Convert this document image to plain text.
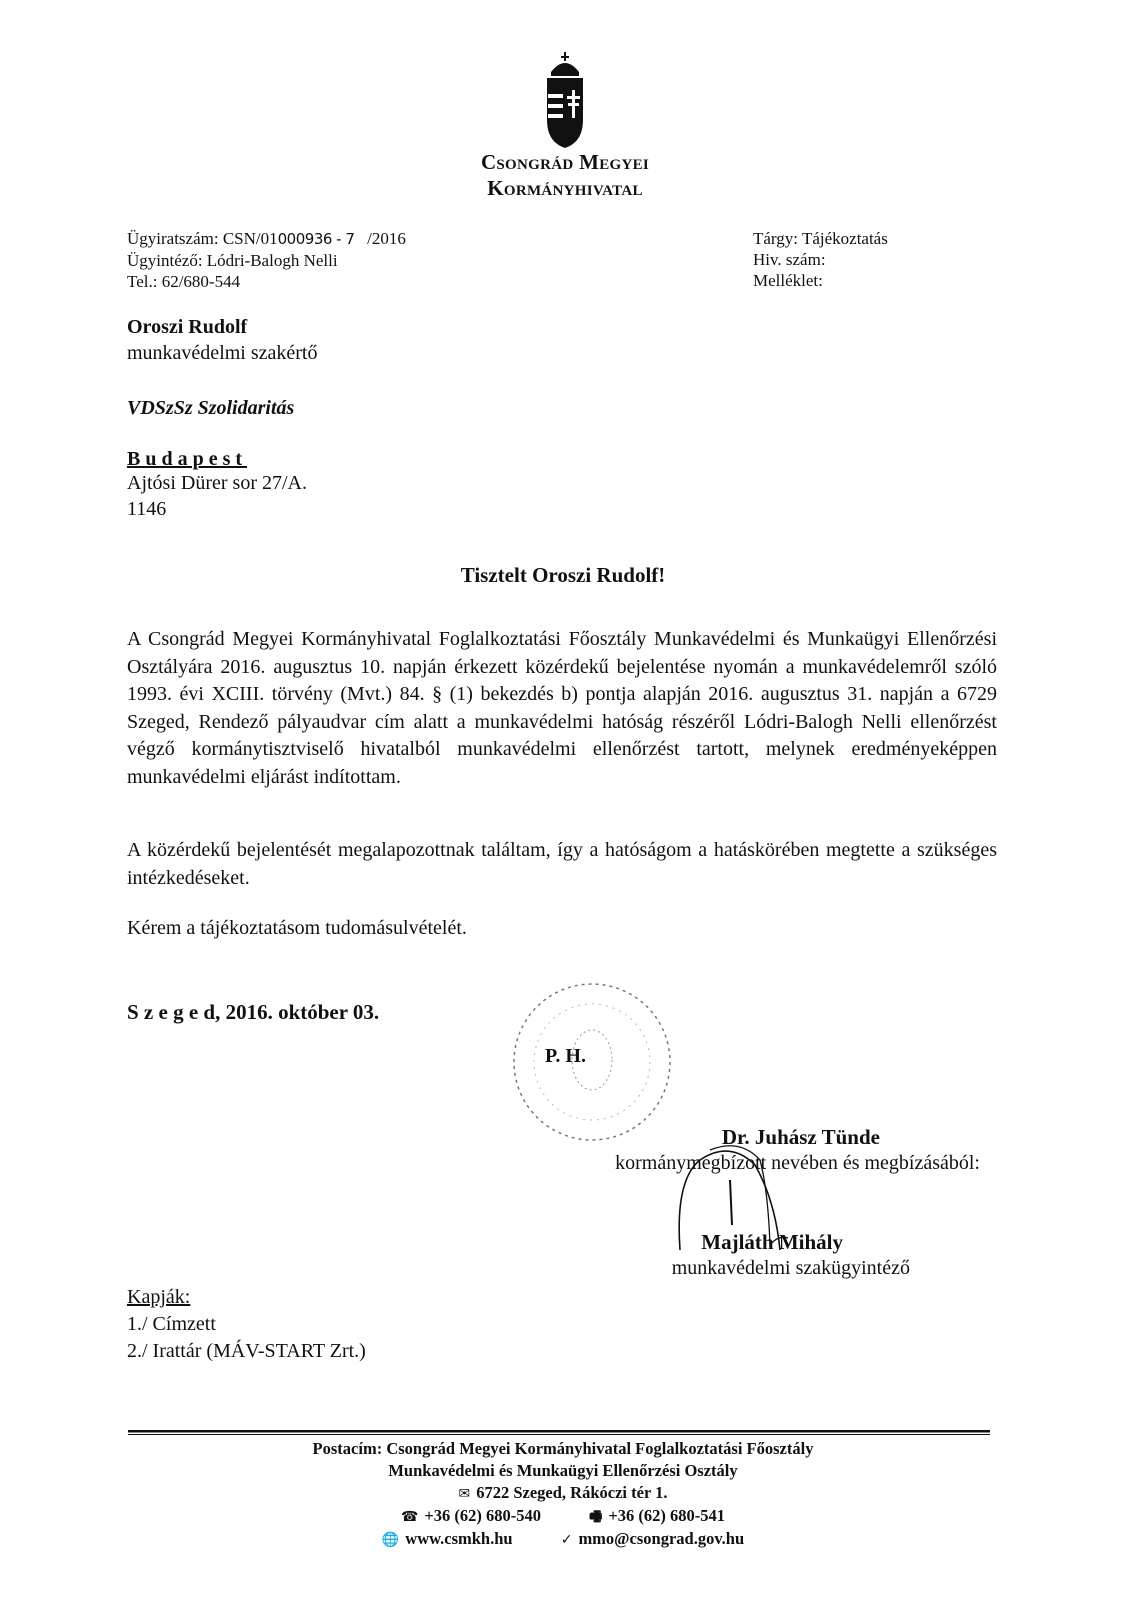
Csongrád Megyei
Kormányhivatal
Ügyiratszám: CSN/01000936 - 7 /2016
Ügyintéző: Lódri-Balogh Nelli
Tel.: 62/680-544
Tárgy: Tájékoztatás
Hiv. szám:
Melléklet:
Oroszi Rudolf
munkavédelmi szakértő
VDSzSz Szolidaritás
Budapest
Ajtósi Dürer sor 27/A.
1146
Tisztelt Oroszi Rudolf!
A Csongrád Megyei Kormányhivatal Foglalkoztatási Főosztály Munkavédelmi és Munkaügyi Ellenőrzési Osztályára 2016. augusztus 10. napján érkezett közérdekű bejelentése nyomán a munkavédelemről szóló 1993. évi XCIII. törvény (Mvt.) 84. § (1) bekezdés b) pontja alapján 2016. augusztus 31. napján a 6729 Szeged, Rendező pályaudvar cím alatt a munkavédelmi hatóság részéről Lódri-Balogh Nelli ellenőrzést végző kormánytisztviselő hivatalból munkavédelmi ellenőrzést tartott, melynek eredményeképpen munkavédelmi eljárást indítottam.
A közérdekű bejelentését megalapozottnak találtam, így a hatóságom a hatáskörében megtette a szükséges intézkedéseket.
Kérem a tájékoztatásom tudomásulvételét.
S z e g e d, 2016. október 03.
P. H.
Dr. Juhász Tünde
kormánymegbízott nevében és megbízásából:
Majláth Mihály
munkavédelmi szakügyintéző
Kapják:
1./ Címzett
2./ Irattár (MÁV-START Zrt.)
Postacím: Csongrád Megyei Kormányhivatal Foglalkoztatási Főosztály
Munkavédelmi és Munkaügyi Ellenőrzési Osztály
✉ 6722 Szeged, Rákóczi tér 1.
☎ +36 (62) 680-540	🖷 +36 (62) 680-541
🌐 www.csmkh.hu	✓ mmo@csongrad.gov.hu
